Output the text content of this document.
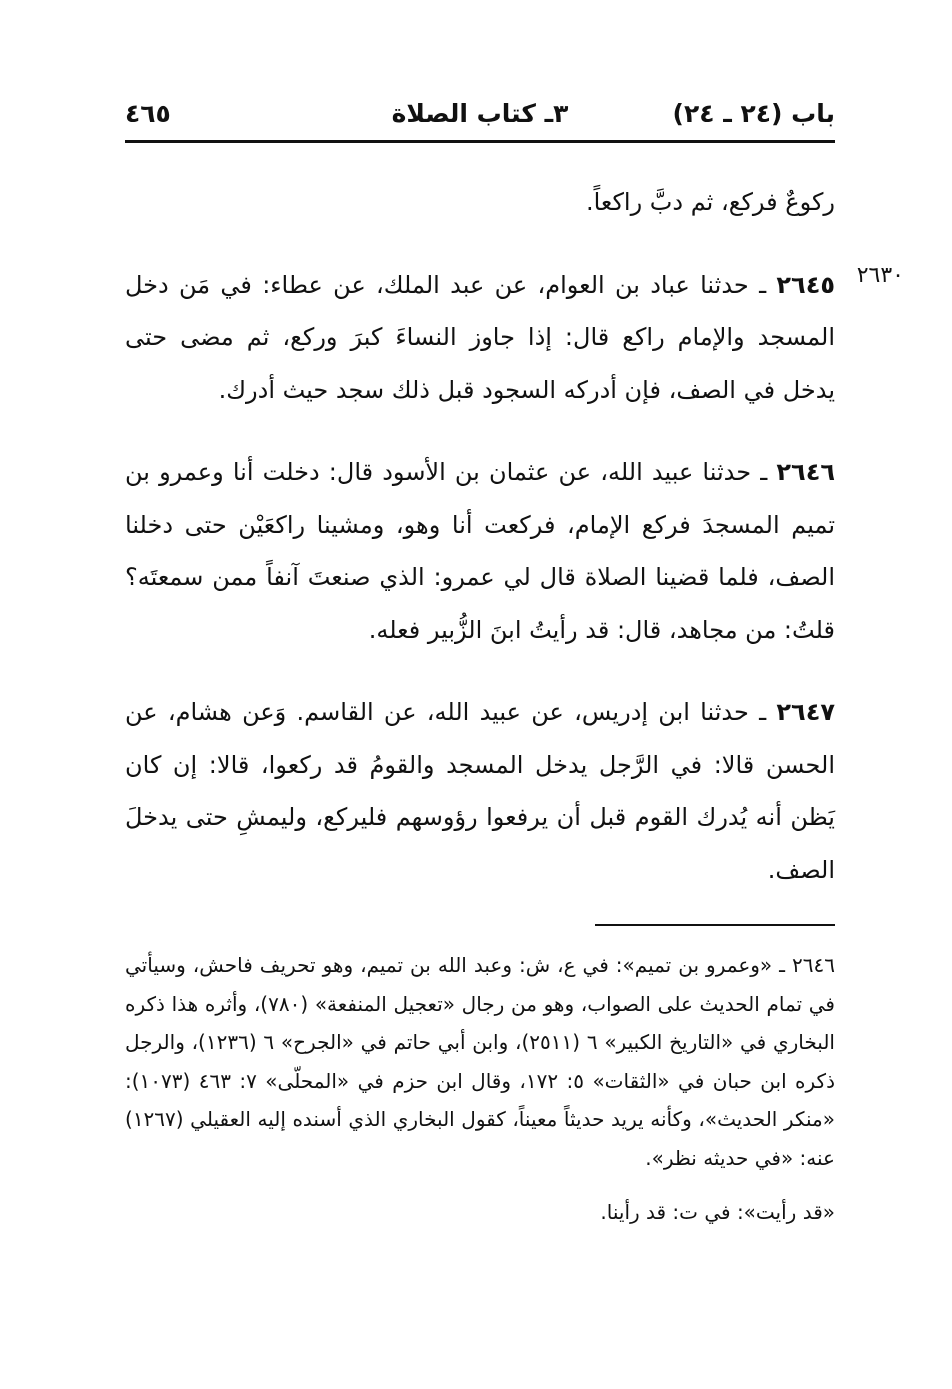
باب (٢٤ ـ ٢٤)
٣ـ كتاب الصلاة
٤٦٥
٢٦٣٠

ركوعٌ فركع، ثم دبَّ راكعاً.

٢٦٤٥ ـ حدثنا عباد بن العوام، عن عبد الملك، عن عطاء: في مَن دخل المسجد والإمام راكع قال: إذا جاوز النساءَ كبرَ وركع، ثم مضى حتى يدخل في الصف، فإن أدركه السجود قبل ذلك سجد حيث أدرك.

٢٦٤٦ ـ حدثنا عبيد الله، عن عثمان بن الأسود قال: دخلت أنا وعمرو بن تميم المسجدَ فركع الإمام، فركعت أنا وهو، ومشينا راكعَيْن حتى دخلنا الصف، فلما قضينا الصلاة قال لي عمرو: الذي صنعتَ آنفاً ممن سمعتَه؟ قلتُ: من مجاهد، قال: قد رأيتُ ابنَ الزُّبير فعله.

٢٦٤٧ ـ حدثنا ابن إدريس، عن عبيد الله، عن القاسم. وَعن هشام، عن الحسن قالا: في الرَّجل يدخل المسجد والقومُ قد ركعوا، قالا: إن كان يَظن أنه يُدرك القوم قبل أن يرفعوا رؤوسهم فليركع، وليمشِ حتى يدخلَ الصف.

٢٦٤٦ ـ «وعمرو بن تميم»: في ع، ش: وعبد الله بن تميم، وهو تحريف فاحش، وسيأتي في تمام الحديث على الصواب، وهو من رجال «تعجيل المنفعة» (٧٨٠)، وأثره هذا ذكره البخاري في «التاريخ الكبير» ٦ (٢٥١١)، وابن أبي حاتم في «الجرح» ٦ (١٢٣٦)، والرجل ذكره ابن حبان في «الثقات» ٥: ١٧٢، وقال ابن حزم في «المحلّى» ٧: ٤٦٣ (١٠٧٣): «منكر الحديث»، وكأنه يريد حديثاً معيناً، كقول البخاري الذي أسنده إليه العقيلي (١٢٦٧) عنه: «في حديثه نظر».

«قد رأيت»: في ت: قد رأينا.
